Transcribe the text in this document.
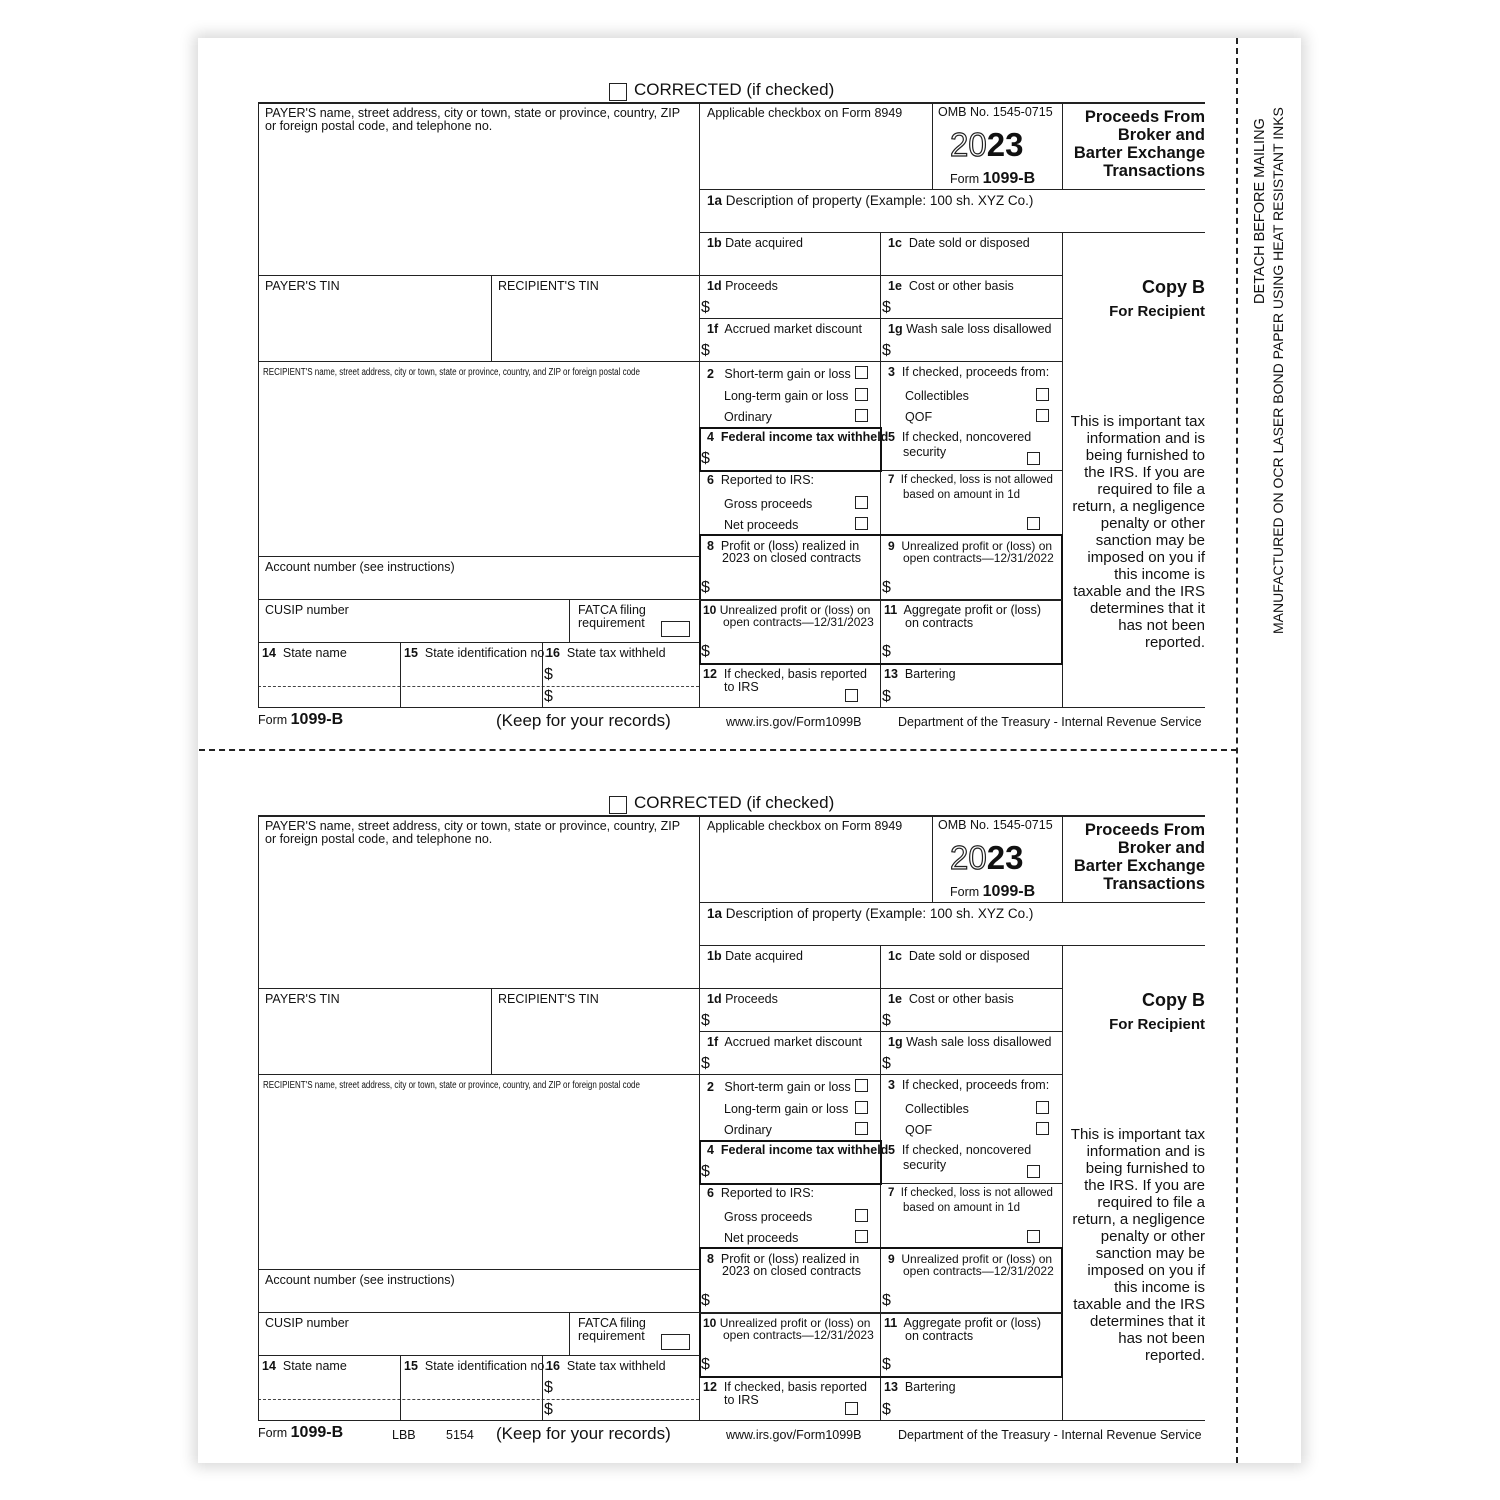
CORRECTED (if checked)
PAYER'S name, street address, city or town, state or province, country, ZIP
or foreign postal code, and telephone no.
Applicable checkbox on Form 8949	OMB No. 1545-0715
2023
Form 1099-B
Proceeds From
Broker and
Barter Exchange
Transactions
1a Description of property (Example: 100 sh. XYZ Co.)
1b Date acquired	1c Date sold or disposed
PAYER'S TIN	RECIPIENT'S TIN	1d Proceeds	1e Cost or other basis
$	$
Copy B
For Recipient
1f Accrued market discount 1g Wash sale loss disallowed
$	$
RECIPIENT'S name, street address, city or town, state or province, country, and ZIP or foreign postal code	2 Short-term gain or loss
Long-term gain or loss
Ordinary
3 If checked, proceeds from:
Collectibles
QOF
4  Federal income tax withheld
$
5 If checked, noncovered
security
6 Reported to IRS:
Gross proceeds
Net proceeds
7 If checked, loss is not allowed
based on amount in 1d
8 Profit or (loss) realized in
2023 on closed contracts
$
9 Unrealized profit or (loss) on
open contracts—12/31/2022
$
Account number (see instructions)
CUSIP number	FATCA filing
requirement
10 Unrealized profit or (loss) on
open contracts—12/31/2023
$
11 Aggregate profit or (loss)
on contracts
$
14 State name	15 State identification no.
16 State tax withheld
$
$
12 If checked, basis reported
to IRS
13 Bartering
$
This is important tax
information and is
being furnished to
the IRS. If you are
required to file a
return, a negligence
penalty or other
sanction may be
imposed on you if
this income is
taxable and the IRS
determines that it
has not been
reported.
Form 1099-B	(Keep for your records)	www.irs.gov/Form1099B	Department of the Treasury - Internal Revenue Service
CORRECTED (if checked)
PAYER'S name, street address, city or town, state or province, country, ZIP
or foreign postal code, and telephone no.
Applicable checkbox on Form 8949	OMB No. 1545-0715
2023
Form 1099-B
Proceeds From
Broker and
Barter Exchange
Transactions
1a Description of property (Example: 100 sh. XYZ Co.)
1b Date acquired	1c Date sold or disposed
PAYER'S TIN	RECIPIENT'S TIN	1d Proceeds	1e Cost or other basis
$	$
Copy B
For Recipient
1f Accrued market discount 1g Wash sale loss disallowed
$	$
RECIPIENT'S name, street address, city or town, state or province, country, and ZIP or foreign postal code	2 Short-term gain or loss
Long-term gain or loss
Ordinary
3 If checked, proceeds from:
Collectibles
QOF
4  Federal income tax withheld
$
5 If checked, noncovered
security
6 Reported to IRS:
Gross proceeds
Net proceeds
7 If checked, loss is not allowed
based on amount in 1d
8 Profit or (loss) realized in
2023 on closed contracts
$
9 Unrealized profit or (loss) on
open contracts—12/31/2022
$
Account number (see instructions)
CUSIP number	FATCA filing
requirement
10 Unrealized profit or (loss) on
open contracts—12/31/2023
$
11 Aggregate profit or (loss)
on contracts
$
14 State name	15 State identification no.
16 State tax withheld
$
$
12 If checked, basis reported
to IRS
13 Bartering
$
This is important tax
information and is
being furnished to
the IRS. If you are
required to file a
return, a negligence
penalty or other
sanction may be
imposed on you if
this income is
taxable and the IRS
determines that it
has not been
reported.
Form 1099-B	LBB 5154 (Keep for your records)	www.irs.gov/Form1099B	Department of the Treasury - Internal Revenue Service
DETACH BEFORE MAILING MANUFACTURED ON OCR LASER BOND PAPER USING HEAT RESISTANT INKS
